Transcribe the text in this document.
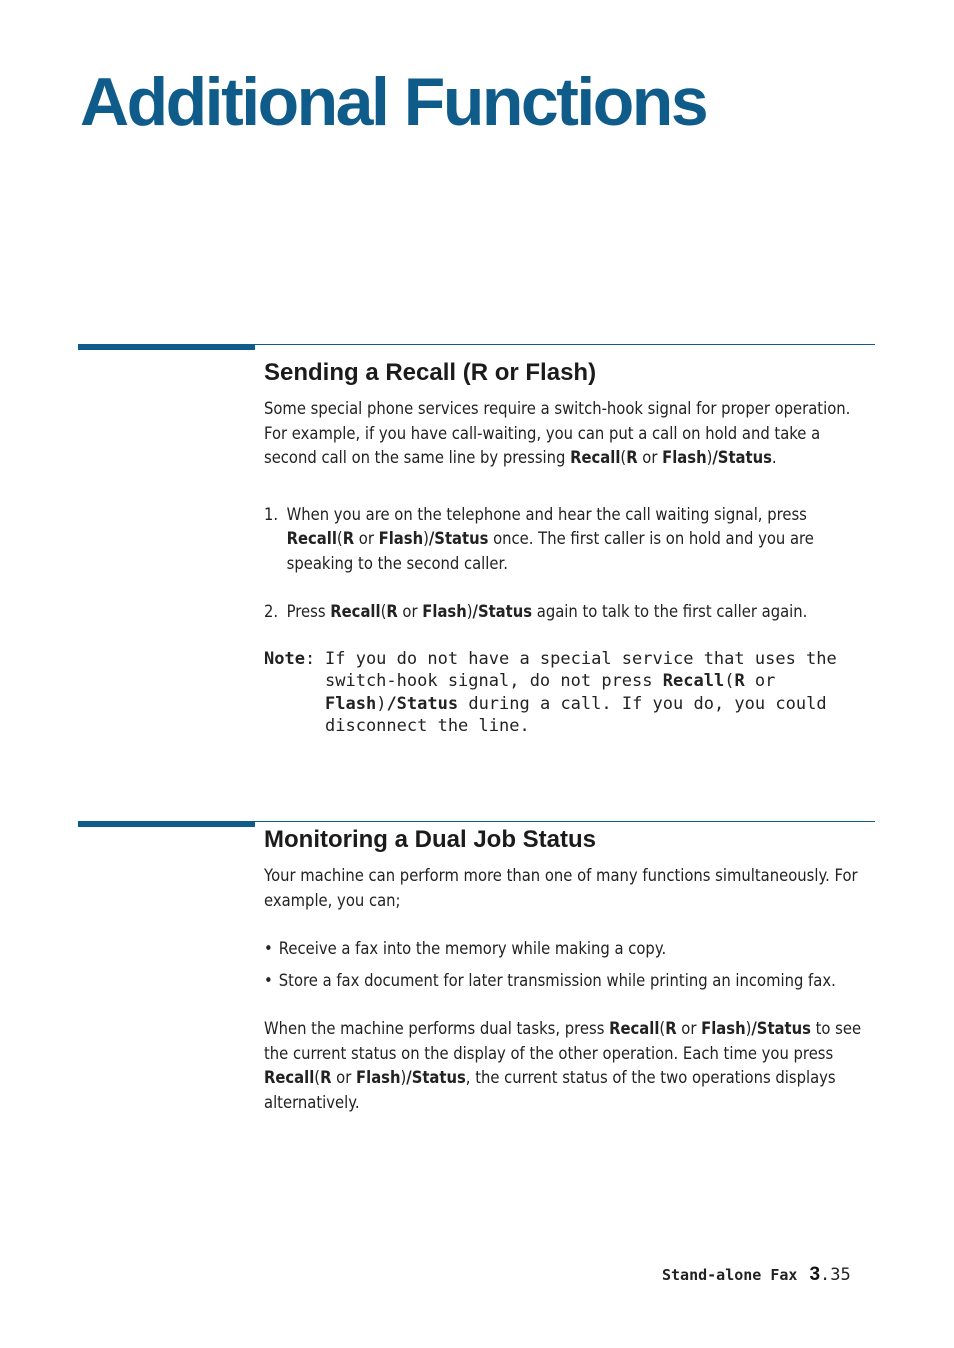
Additional Functions
Sending a Recall (R or Flash)

Some special phone services require a switch-hook signal for proper operation. For example, if you have call-waiting, you can put a call on hold and take a second call on the same line by pressing Recall(R or Flash)/Status.

1. When you are on the telephone and hear the call waiting signal, press Recall(R or Flash)/Status once. The first caller is on hold and you are speaking to the second caller.
2. Press Recall(R or Flash)/Status again to talk to the first caller again.
Note: If you do not have a special service that uses the switch-hook signal, do not press Recall(R or Flash)/Status during a call. If you do, you could disconnect the line.
Monitoring a Dual Job Status

Your machine can perform more than one of many functions simultaneously. For example, you can;

• Receive a fax into the memory while making a copy.
• Store a fax document for later transmission while printing an incoming fax.

When the machine performs dual tasks, press Recall(R or Flash)/Status to see the current status on the display of the other operation. Each time you press Recall(R or Flash)/Status, the current status of the two operations displays alternatively.

Stand-alone Fax 3 .35
